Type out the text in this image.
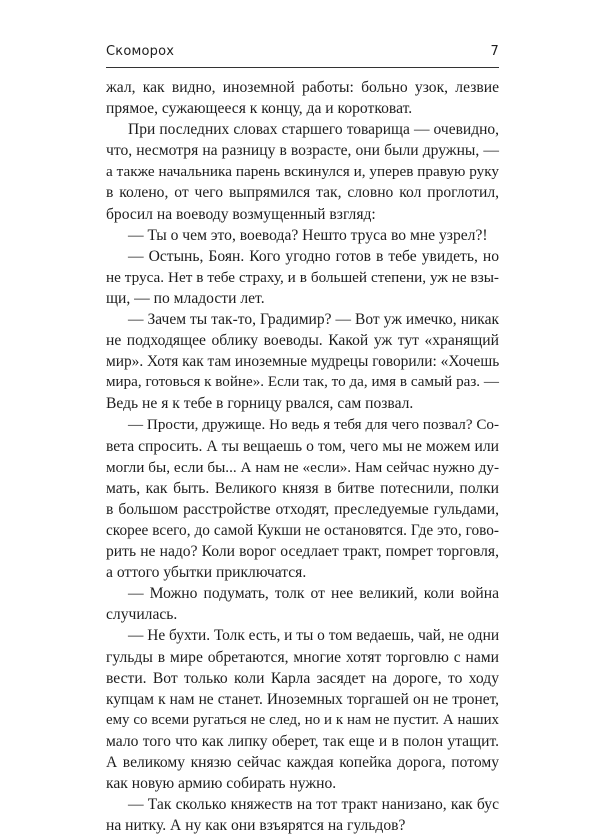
Скоморох	7
жал, как видно, иноземной работы: больно узок, лезвие
прямое, сужающееся к концу, да и коротковат.
При последних словах старшего товарища — очевидно,
что, несмотря на разницу в возрасте, они были дружны, —
а также начальника парень вскинулся и, уперев правую руку
в колено, от чего выпрямился так, словно кол проглотил,
бросил на воеводу возмущенный взгляд:
— Ты о чем это, воевода? Нешто труса во мне узрел?!
— Остынь, Боян. Кого угодно готов в тебе увидеть, но
не труса. Нет в тебе страху, и в большей степени, уж не взы-
щи, — по младости лет.
— Зачем ты так-то, Градимир? — Вот уж имечко, никак
не подходящее облику воеводы. Какой уж тут «хранящий
мир». Хотя как там иноземные мудрецы говорили: «Хочешь
мира, готовься к войне». Если так, то да, имя в самый раз. —
Ведь не я к тебе в горницу рвался, сам позвал.
— Прости, дружище. Но ведь я тебя для чего позвал? Со-
вета спросить. А ты вещаешь о том, чего мы не можем или
могли бы, если бы... А нам не «если». Нам сейчас нужно ду-
мать, как быть. Великого князя в битве потеснили, полки
в большом расстройстве отходят, преследуемые гульдами,
скорее всего, до самой Кукши не остановятся. Где это, гово-
рить не надо? Коли ворог оседлает тракт, помрет торговля,
а оттого убытки приключатся.
— Можно подумать, толк от нее великий, коли война
случилась.
— Не бухти. Толк есть, и ты о том ведаешь, чай, не одни
гульды в мире обретаются, многие хотят торговлю с нами
вести. Вот только коли Карла засядет на дороге, то ходу
купцам к нам не станет. Иноземных торгашей он не тронет,
ему со всеми ругаться не след, но и к нам не пустит. А наших
мало того что как липку оберет, так еще и в полон утащит.
А великому князю сейчас каждая копейка дорога, потому
как новую армию собирать нужно.
— Так сколько княжеств на тот тракт нанизано, как бус
на нитку. А ну как они взъярятся на гульдов?
